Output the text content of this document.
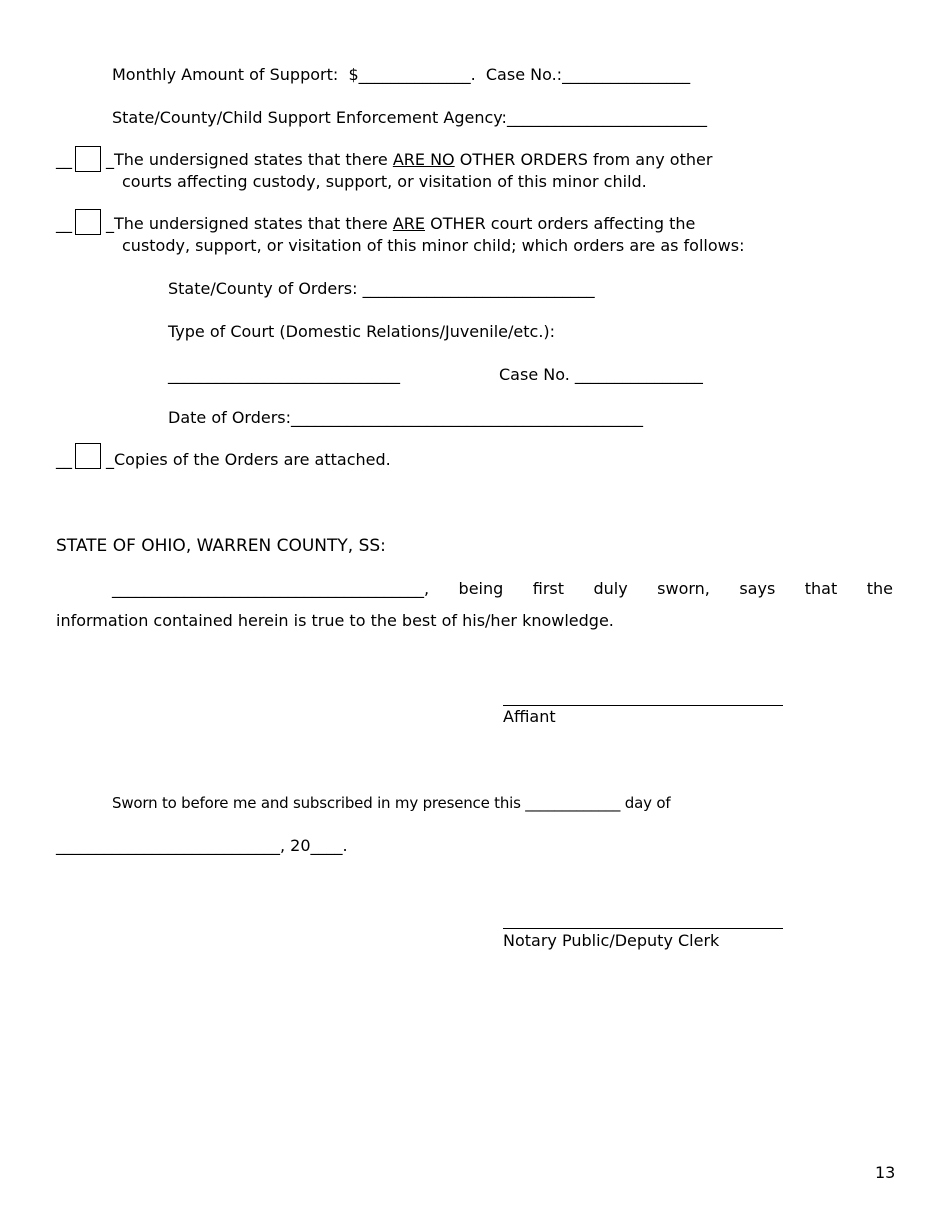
Monthly Amount of Support: $______________. Case No.:________________
State/County/Child Support Enforcement Agency:_________________________
__ _The undersigned states that there ARE NO OTHER ORDERS from any other
courts affecting custody, support, or visitation of this minor child.
__ _The undersigned states that there ARE OTHER court orders affecting the
custody, support, or visitation of this minor child; which orders are as follows:
State/County of Orders: _____________________________
Type of Court (Domestic Relations/Juvenile/etc.):
_____________________________	Case No. ________________
Date of Orders:____________________________________________
__ _Copies of the Orders are attached.
STATE OF OHIO, WARREN COUNTY, SS:
_______________________________________, being first duly sworn, says that the
information contained herein is true to the best of his/her knowledge.
Affiant
Sworn to before me and subscribed in my presence this _____________ day of
____________________________, 20____.
Notary Public/Deputy Clerk
13
